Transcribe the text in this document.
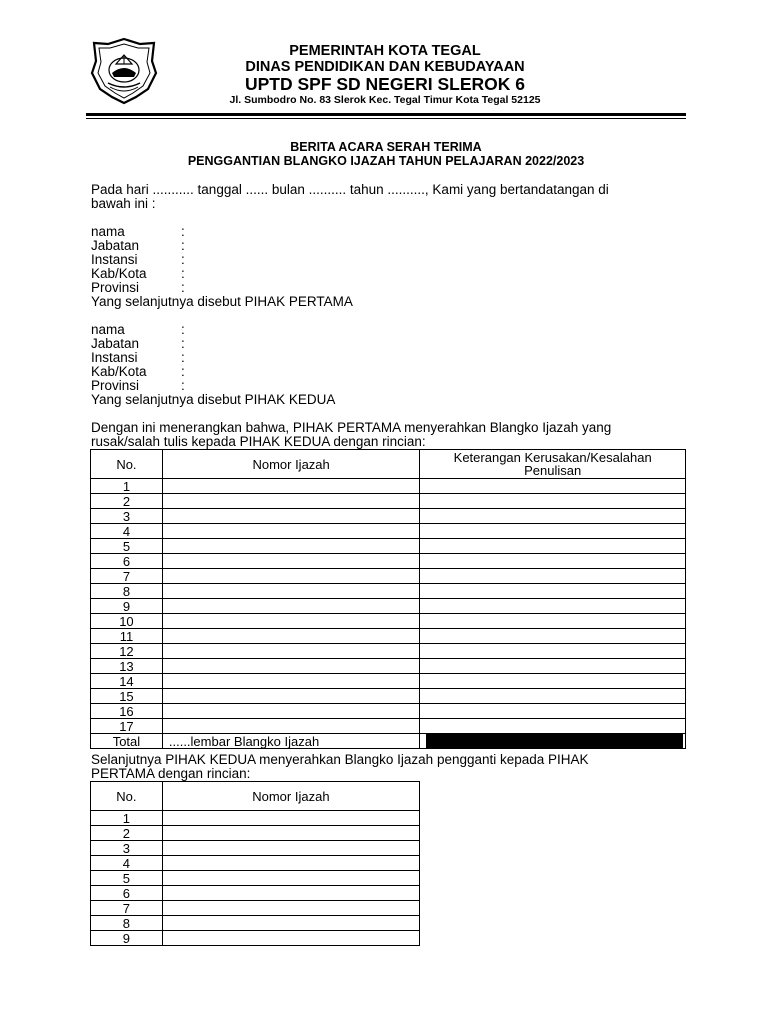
PEMERINTAH KOTA TEGAL
DINAS PENDIDIKAN DAN KEBUDAYAAN
UPTD SPF SD NEGERI SLEROK 6
Jl. Sumbodro No. 83 Slerok Kec. Tegal Timur Kota Tegal 52125
BERITA ACARA SERAH TERIMA
PENGGANTIAN BLANGKO IJAZAH TAHUN PELAJARAN 2022/2023
Pada hari ........... tanggal ...... bulan .......... tahun .........., Kami yang bertandatangan di
bawah ini :
nama	:
Jabatan	:
Instansi	:
Kab/Kota	:
Provinsi	:
Yang selanjutnya disebut PIHAK PERTAMA
nama	:
Jabatan	:
Instansi	:
Kab/Kota	:
Provinsi	:
Yang selanjutnya disebut PIHAK KEDUA
Dengan ini menerangkan bahwa, PIHAK PERTAMA menyerahkan Blangko Ijazah yang
rusak/salah tulis kepada PIHAK KEDUA dengan rincian:
No.	Nomor Ijazah	Keterangan Kerusakan/Kesalahan
Penulisan

1		
2		
3		
4		
5		
6		
7		
8		
9		
10		
11		
12		
13		
14		
15		
16		
17		
Total	......lembar Blangko Ijazah	
Selanjutnya PIHAK KEDUA menyerahkan Blangko Ijazah pengganti kepada PIHAK
PERTAMA dengan rincian:
No.	Nomor Ijazah
1	
2	
3	
4	
5	
6	
7	
8	
9	
